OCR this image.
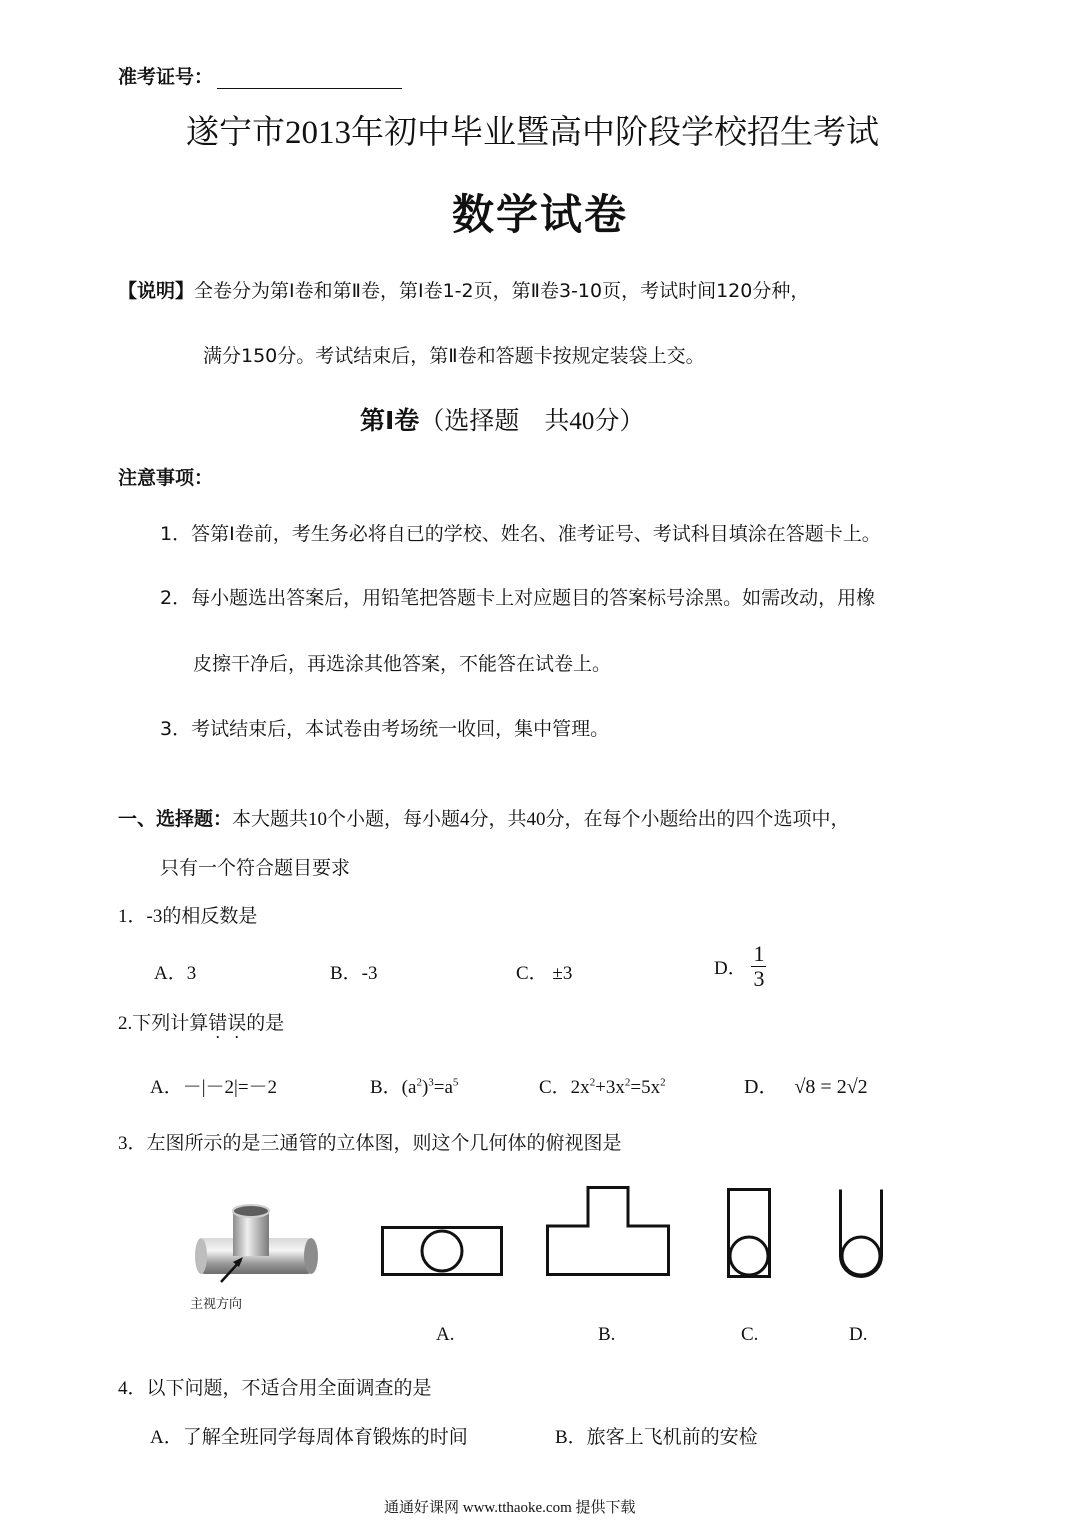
准考证号：
遂宁市2013年初中毕业暨高中阶段学校招生考试
数学试卷
【说明】全卷分为第Ⅰ卷和第Ⅱ卷，第Ⅰ卷1-2页，第Ⅱ卷3-10页，考试时间120分种，
满分150分。考试结束后，第Ⅱ卷和答题卡按规定装袋上交。
第Ⅰ卷（选择题　共40分）
注意事项：
1．答第Ⅰ卷前，考生务必将自已的学校、姓名、准考证号、考试科目填涂在答题卡上。
2．每小题选出答案后，用铅笔把答题卡上对应题目的答案标号涂黑。如需改动，用橡
皮擦干净后，再选涂其他答案，不能答在试卷上。
3．考试结束后，本试卷由考场统一收回，集中管理。
一、选择题：本大题共10个小题，每小题4分，共40分，在每个小题给出的四个选项中，
只有一个符合题目要求
1．-3的相反数是
A．3	B．-3	C． ±3	D． $\frac{1}{3}$
2.下列计算错误的是
A．－|－2|=－2	B．$(a^2)^3=a^5$	C．$2x^2+3x^2=5x^2$	D． √8 = 2√2
3．左图所示的是三通管的立体图，则这个几何体的俯视图是
主视方向
A.	B.	C.	D.
4．以下问题，不适合用全面调查的是
A．了解全班同学每周体育锻炼的时间	B．旅客上飞机前的安检
通通好课网 www.tthaoke.com 提供下载
